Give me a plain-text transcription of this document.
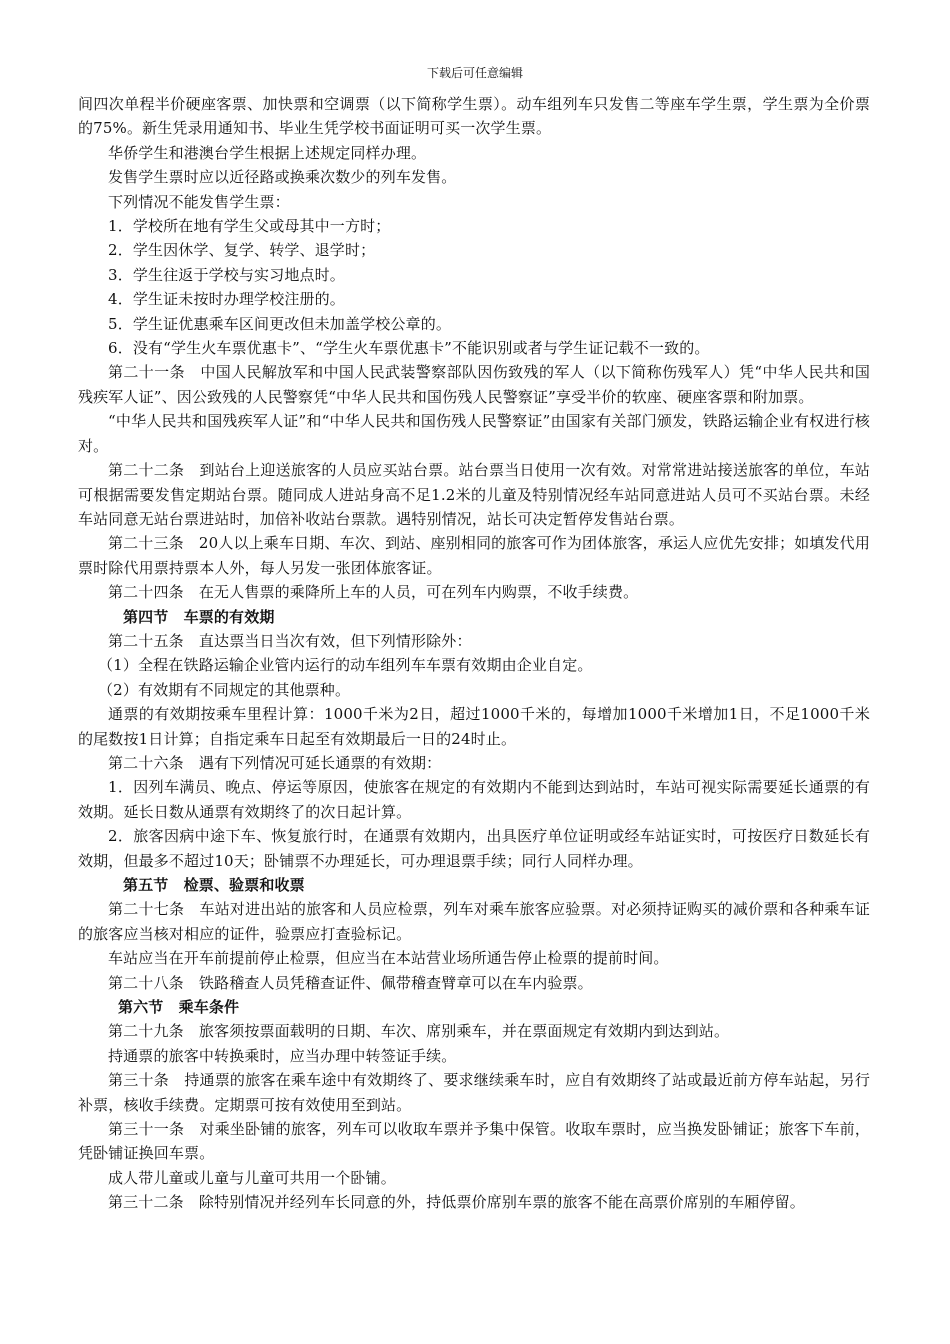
下载后可任意编辑

间四次单程半价硬座客票、加快票和空调票（以下简称学生票）。动车组列车只发售二等座车学生票，学生票为全价票的75%。新生凭录用通知书、毕业生凭学校书面证明可买一次学生票。

华侨学生和港澳台学生根据上述规定同样办理。

发售学生票时应以近径路或换乘次数少的列车发售。

下列情况不能发售学生票：

1．学校所在地有学生父或母其中一方时；

2．学生因休学、复学、转学、退学时；

3．学生往返于学校与实习地点时。

4．学生证未按时办理学校注册的。

5．学生证优惠乘车区间更改但未加盖学校公章的。

6．没有“学生火车票优惠卡”、“学生火车票优惠卡”不能识别或者与学生证记载不一致的。

第二十一条　中国人民解放军和中国人民武装警察部队因伤致残的军人（以下简称伤残军人）凭“中华人民共和国残疾军人证”、因公致残的人民警察凭“中华人民共和国伤残人民警察证”享受半价的软座、硬座客票和附加票。

“中华人民共和国残疾军人证”和“中华人民共和国伤残人民警察证”由国家有关部门颁发，铁路运输企业有权进行核对。

第二十二条　到站台上迎送旅客的人员应买站台票。站台票当日使用一次有效。对常常进站接送旅客的单位，车站可根据需要发售定期站台票。随同成人进站身高不足1.2米的儿童及特别情况经车站同意进站人员可不买站台票。未经车站同意无站台票进站时，加倍补收站台票款。遇特别情况，站长可决定暂停发售站台票。

第二十三条　20人以上乘车日期、车次、到站、座别相同的旅客可作为团体旅客，承运人应优先安排；如填发代用票时除代用票持票本人外，每人另发一张团体旅客证。

第二十四条　在无人售票的乘降所上车的人员，可在列车内购票，不收手续费。

第四节　车票的有效期

第二十五条　直达票当日当次有效，但下列情形除外：

（1）全程在铁路运输企业管内运行的动车组列车车票有效期由企业自定。

（2）有效期有不同规定的其他票种。

通票的有效期按乘车里程计算：1000千米为2日，超过1000千米的，每增加1000千米增加1日，不足1000千米的尾数按1日计算；自指定乘车日起至有效期最后一日的24时止。

第二十六条　遇有下列情况可延长通票的有效期：

1．因列车满员、晚点、停运等原因，使旅客在规定的有效期内不能到达到站时，车站可视实际需要延长通票的有效期。延长日数从通票有效期终了的次日起计算。

2．旅客因病中途下车、恢复旅行时，在通票有效期内，出具医疗单位证明或经车站证实时，可按医疗日数延长有效期，但最多不超过10天；卧铺票不办理延长，可办理退票手续；同行人同样办理。

第五节　检票、验票和收票

第二十七条　车站对进出站的旅客和人员应检票，列车对乘车旅客应验票。对必须持证购买的减价票和各种乘车证的旅客应当核对相应的证件，验票应打查验标记。

车站应当在开车前提前停止检票，但应当在本站营业场所通告停止检票的提前时间。

第二十八条　铁路稽查人员凭稽查证件、佩带稽查臂章可以在车内验票。

第六节　乘车条件

第二十九条　旅客须按票面载明的日期、车次、席别乘车，并在票面规定有效期内到达到站。

持通票的旅客中转换乘时，应当办理中转签证手续。

第三十条　持通票的旅客在乘车途中有效期终了、要求继续乘车时，应自有效期终了站或最近前方停车站起，另行补票，核收手续费。定期票可按有效使用至到站。

第三十一条　对乘坐卧铺的旅客，列车可以收取车票并予集中保管。收取车票时，应当换发卧铺证；旅客下车前，凭卧铺证换回车票。

成人带儿童或儿童与儿童可共用一个卧铺。

第三十二条　除特别情况并经列车长同意的外，持低票价席别车票的旅客不能在高票价席别的车厢停留。
